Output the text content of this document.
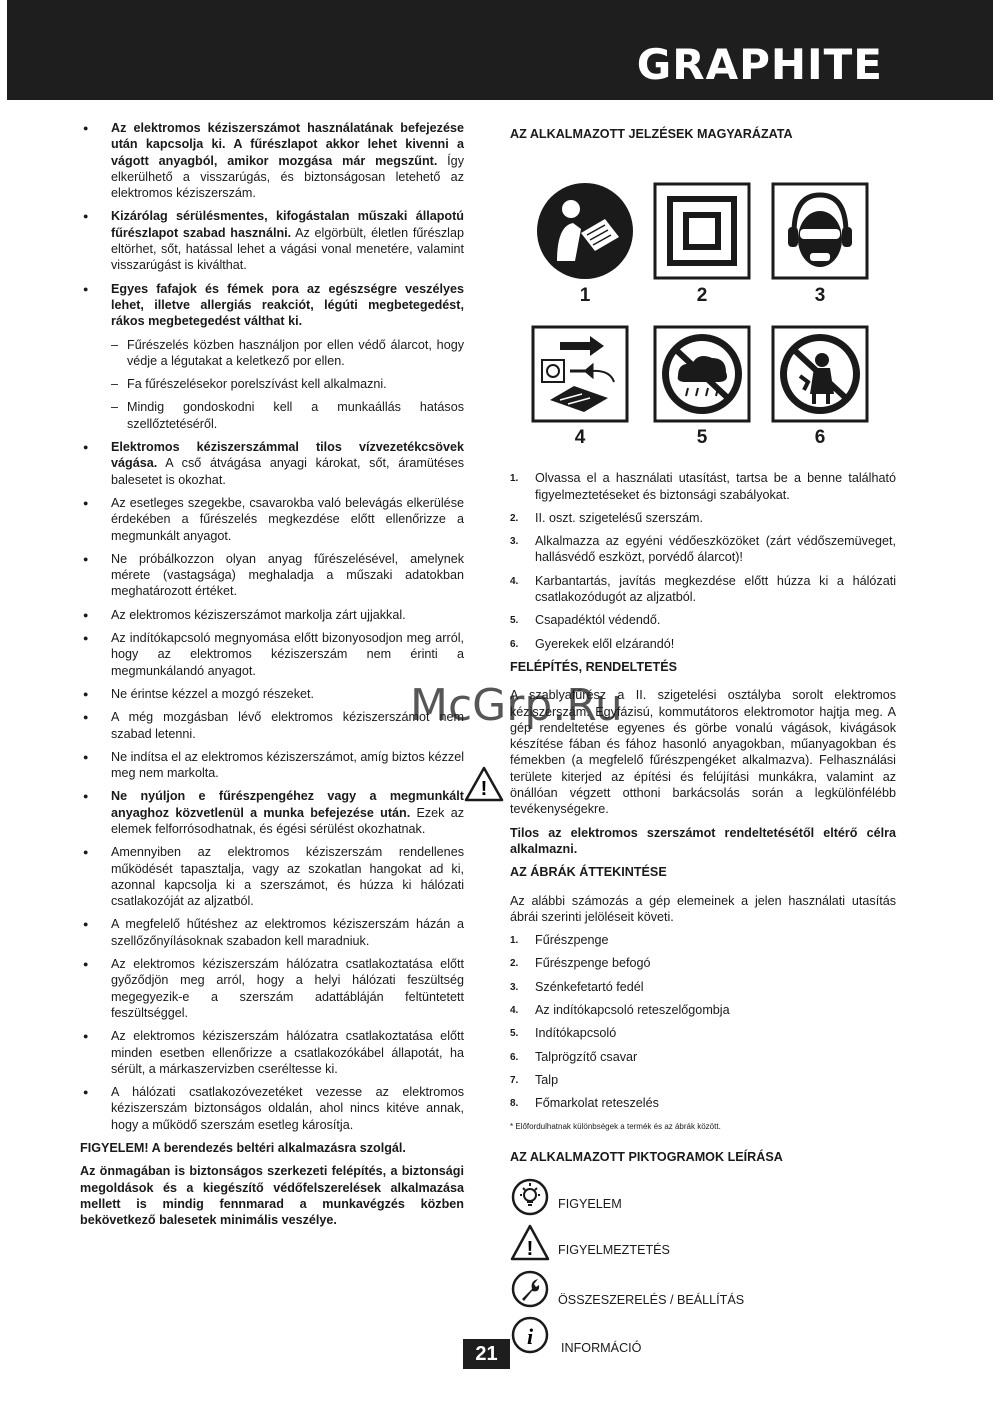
GRAPHITE

● Az elektromos kéziszerszámot használatának befejezése után kapcsolja ki. A fűrészlapot akkor lehet kivenni a vágott anyagból, amikor mozgása már megszűnt. Így elkerülhető a visszarúgás, és biztonságosan letehető az elektromos kéziszerszám.

● Kizárólag sérülésmentes, kifogástalan műszaki állapotú fűrészlapot szabad használni. Az elgörbült, életlen fűrészlap eltörhet, sőt, hatással lehet a vágási vonal menetére, valamint visszarúgást is kiválthat.

● Egyes fafajok és fémek pora az egészségre veszélyes lehet, illetve allergiás reakciót, légúti megbetegedést, rákos megbetegedést válthat ki.

– Fűrészelés közben használjon por ellen védő álarcot, hogy védje a légutakat a keletkező por ellen.

– Fa fűrészelésekor porelszívást kell alkalmazni.

– Mindig gondoskodni kell a munkaállás hatásos szellőztetéséről.

● Elektromos kéziszerszámmal tilos vízvezetékcsövek vágása. A cső átvágása anyagi károkat, sőt, áramütéses balesetet is okozhat.

● Az esetleges szegekbe, csavarokba való belevágás elkerülése érdekében a fűrészelés megkezdése előtt ellenőrizze a megmunkált anyagot.

● Ne próbálkozzon olyan anyag fűrészelésével, amelynek mérete (vastagsága) meghaladja a műszaki adatokban meghatározott értéket.

● Az elektromos kéziszerszámot markolja zárt ujjakkal.

● Az indítókapcsoló megnyomása előtt bizonyosodjon meg arról, hogy az elektromos kéziszerszám nem érinti a megmunkálandó anyagot.

● Ne érintse kézzel a mozgó részeket.

● A még mozgásban lévő elektromos kéziszerszámot nem szabad letenni.

● Ne indítsa el az elektromos kéziszerszámot, amíg biztos kézzel meg nem markolta.

● Ne nyúljon e fűrészpengéhez vagy a megmunkált anyaghoz közvetlenül a munka befejezése után. Ezek az elemek felforrósodhatnak, és égési sérülést okozhatnak.

● Amennyiben az elektromos kéziszerszám rendellenes működését tapasztalja, vagy az szokatlan hangokat ad ki, azonnal kapcsolja ki a szerszámot, és húzza ki hálózati csatlakozóját az aljzatból.

● A megfelelő hűtéshez az elektromos kéziszerszám házán a szellőzőnyílásoknak szabadon kell maradniuk.

● Az elektromos kéziszerszám hálózatra csatlakoztatása előtt győződjön meg arról, hogy a helyi hálózati feszültség megegyezik-e a szerszám adattábláján feltüntetett feszültséggel.

● Az elektromos kéziszerszám hálózatra csatlakoztatása előtt minden esetben ellenőrizze a csatlakozókábel állapotát, ha sérült, a márkaszervizben cseréltesse ki.

● A hálózati csatlakozóvezetéket vezesse az elektromos kéziszerszám biztonságos oldalán, ahol nincs kitéve annak, hogy a működő szerszám esetleg károsítja.

FIGYELEM! A berendezés beltéri alkalmazásra szolgál.

Az önmagában is biztonságos szerkezeti felépítés, a biztonsági megoldások és a kiegészítő védőfelszerelések alkalmazása mellett is mindig fennmarad a munkavégzés közben bekövetkező balesetek minimális veszélye.

!
AZ ALKALMAZOTT JELZÉSEK MAGYARÁZATA
1	2	3
4	5	6

1. Olvassa el a használati utasítást, tartsa be a benne található figyelmeztetéseket és biztonsági szabályokat.

2. II. oszt. szigetelésű szerszám.

3. Alkalmazza az egyéni védőeszközöket (zárt védőszemüveget, hallásvédő eszközt, porvédő álarcot)!

4. Karbantartás, javítás megkezdése előtt húzza ki a hálózati csatlakozódugót az aljzatból.

5. Csapadéktól védendő.

6. Gyerekek elől elzárandó!

FELÉPÍTÉS, RENDELTETÉS

A szablyafűrész a II. szigetelési osztályba sorolt elektromos kéziszerszám. Egyfázisú, kommutátoros elektromotor hajtja meg. A gép rendeltetése egyenes és görbe vonalú vágások, kivágások készítése fában és fához hasonló anyagokban, műanyagokban és fémekben (a megfelelő fűrészpengéket alkalmazva). Felhasználási területe kiterjed az építési és felújítási munkákra, valamint az önállóan végzett otthoni barkácsolás során a legkülönfélébb tevékenységekre.

Tilos az elektromos szerszámot rendeltetésétől eltérő célra alkalmazni.

AZ ÁBRÁK ÁTTEKINTÉSE

Az alábbi számozás a gép elemeinek a jelen használati utasítás ábrái szerinti jelöléseit követi.

1. Fűrészpenge

2. Fűrészpenge befogó

3. Szénkefetartó fedél

4. Az indítókapcsoló reteszelőgombja

5. Indítókapcsoló

6. Talprögzítő csavar

7. Talp

8. Főmarkolat reteszelés

* Előfordulhatnak különbségek a termék és az ábrák között.
AZ ALKALMAZOTT PIKTOGRAMOK LEÍRÁSA
FIGYELEM
! FIGYELMEZTETÉS
ÖSSZESZERELÉS / BEÁLLÍTÁS
i INFORMÁCIÓ
21
McGrp.Ru
